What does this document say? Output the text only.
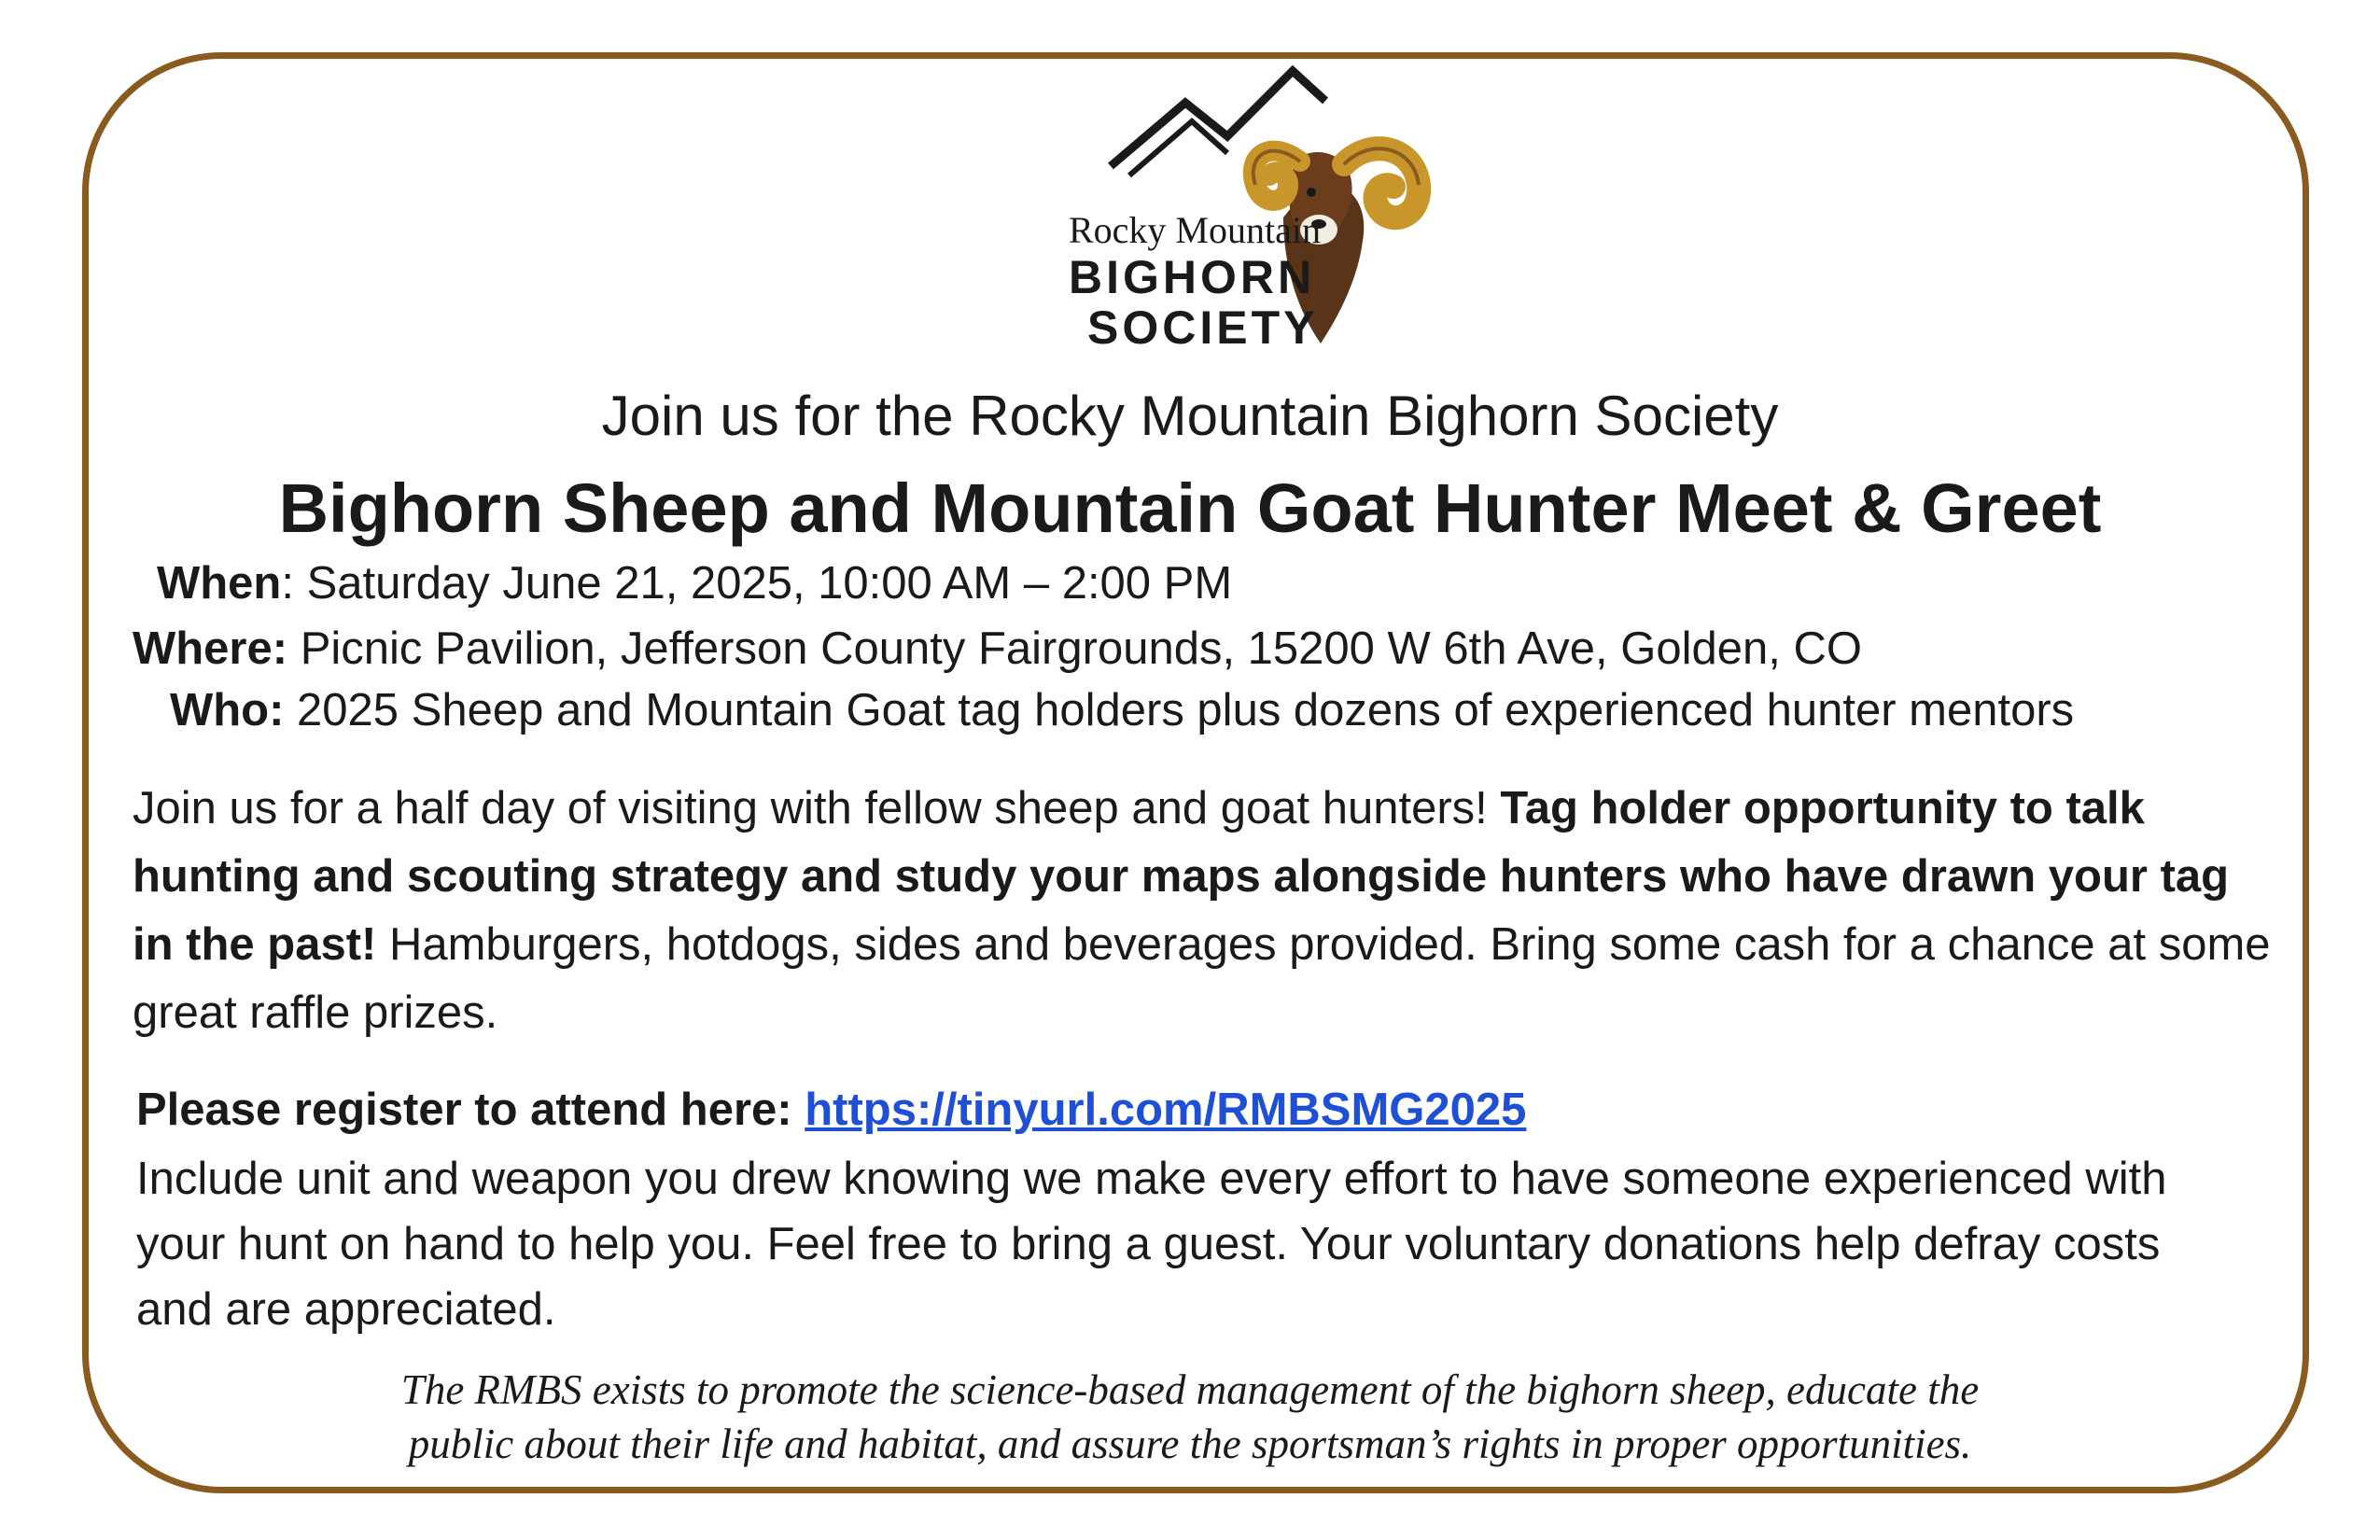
Rocky Mountain
BIGHORN
SOCIETY
Join us for the Rocky Mountain Bighorn Society
Bighorn Sheep and Mountain Goat Hunter Meet & Greet
When: Saturday June 21, 2025, 10:00 AM – 2:00 PM
Where: Picnic Pavilion, Jefferson County Fairgrounds, 15200 W 6th Ave, Golden, CO
Who: 2025 Sheep and Mountain Goat tag holders plus dozens of experienced hunter mentors
Join us for a half day of visiting with fellow sheep and goat hunters! Tag holder opportunity to talk hunting and scouting strategy and study your maps alongside hunters who have drawn your tag in the past! Hamburgers, hotdogs, sides and beverages provided. Bring some cash for a chance at some great raffle prizes.
Please register to attend here: https://tinyurl.com/RMBSMG2025
Include unit and weapon you drew knowing we make every effort to have someone experienced with your hunt on hand to help you. Feel free to bring a guest. Your voluntary donations help defray costs and are appreciated.
The RMBS exists to promote the science-based management of the bighorn sheep, educate the
public about their life and habitat, and assure the sportsman’s rights in proper opportunities.
